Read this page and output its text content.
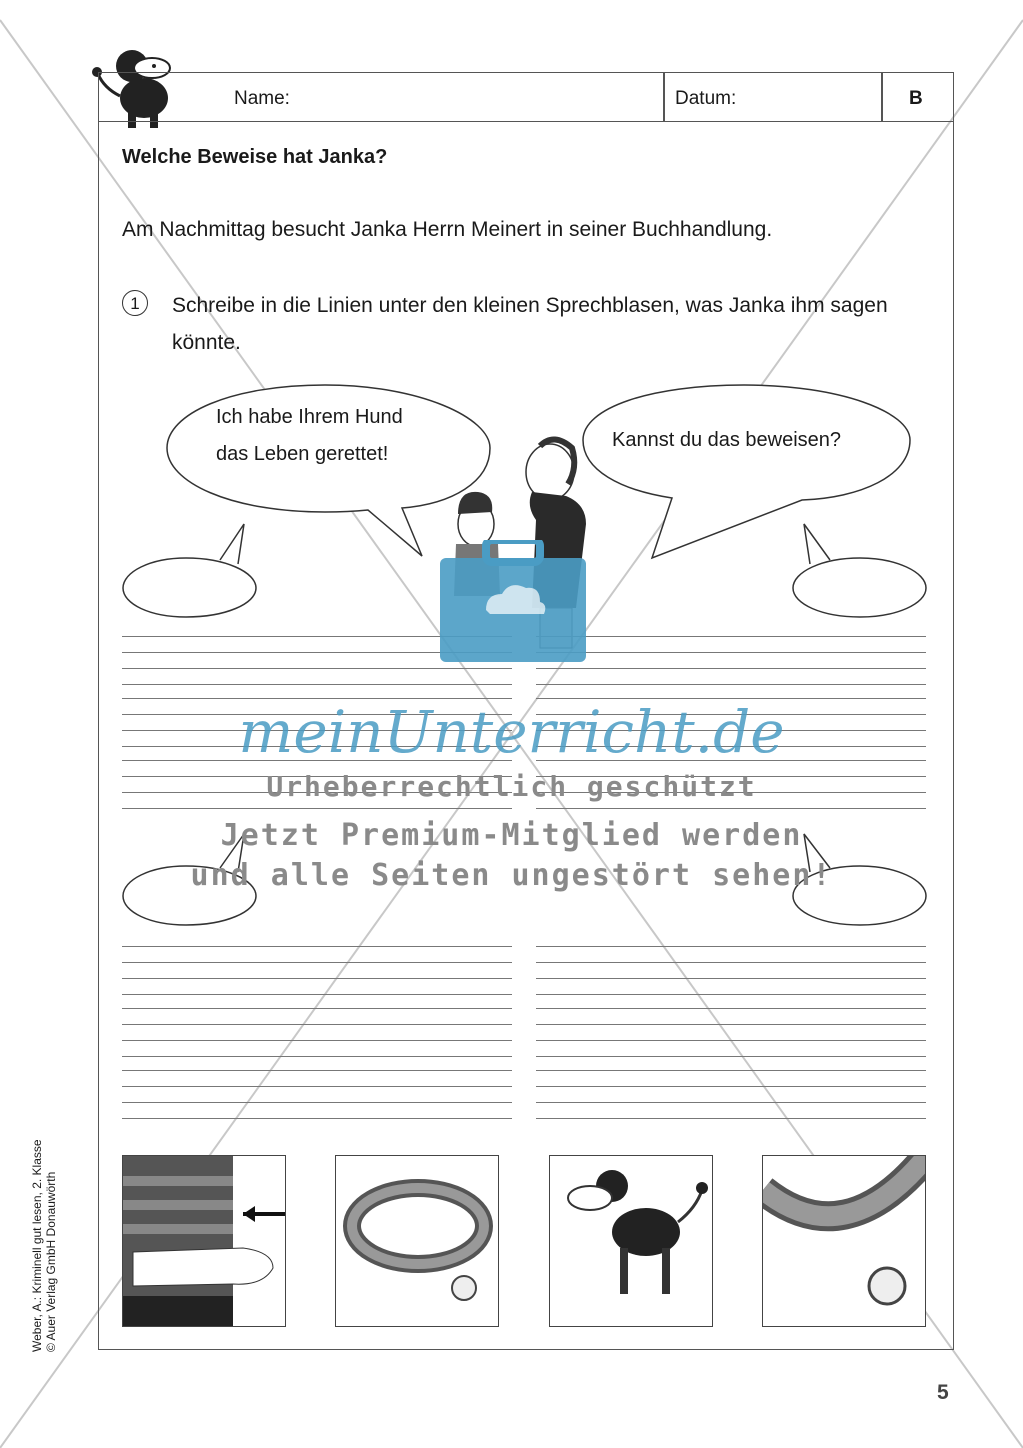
Name:	Datum:	B
Welche Beweise hat Janka?
Am Nachmittag besucht Janka Herrn Meinert in seiner Buchhandlung.
1	Schreibe in die Linien unter den kleinen Sprechblasen, was Janka ihm sagen könnte.
Ich habe Ihrem Hund
das Leben gerettet!
Kannst du das beweisen?
meinUnterricht.de
Urheberrechtlich geschützt
Jetzt Premium-Mitglied werden
und alle Seiten ungestört sehen!
Weber, A.: Kriminell gut lesen, 2. Klasse © Auer Verlag GmbH Donauwörth
5
